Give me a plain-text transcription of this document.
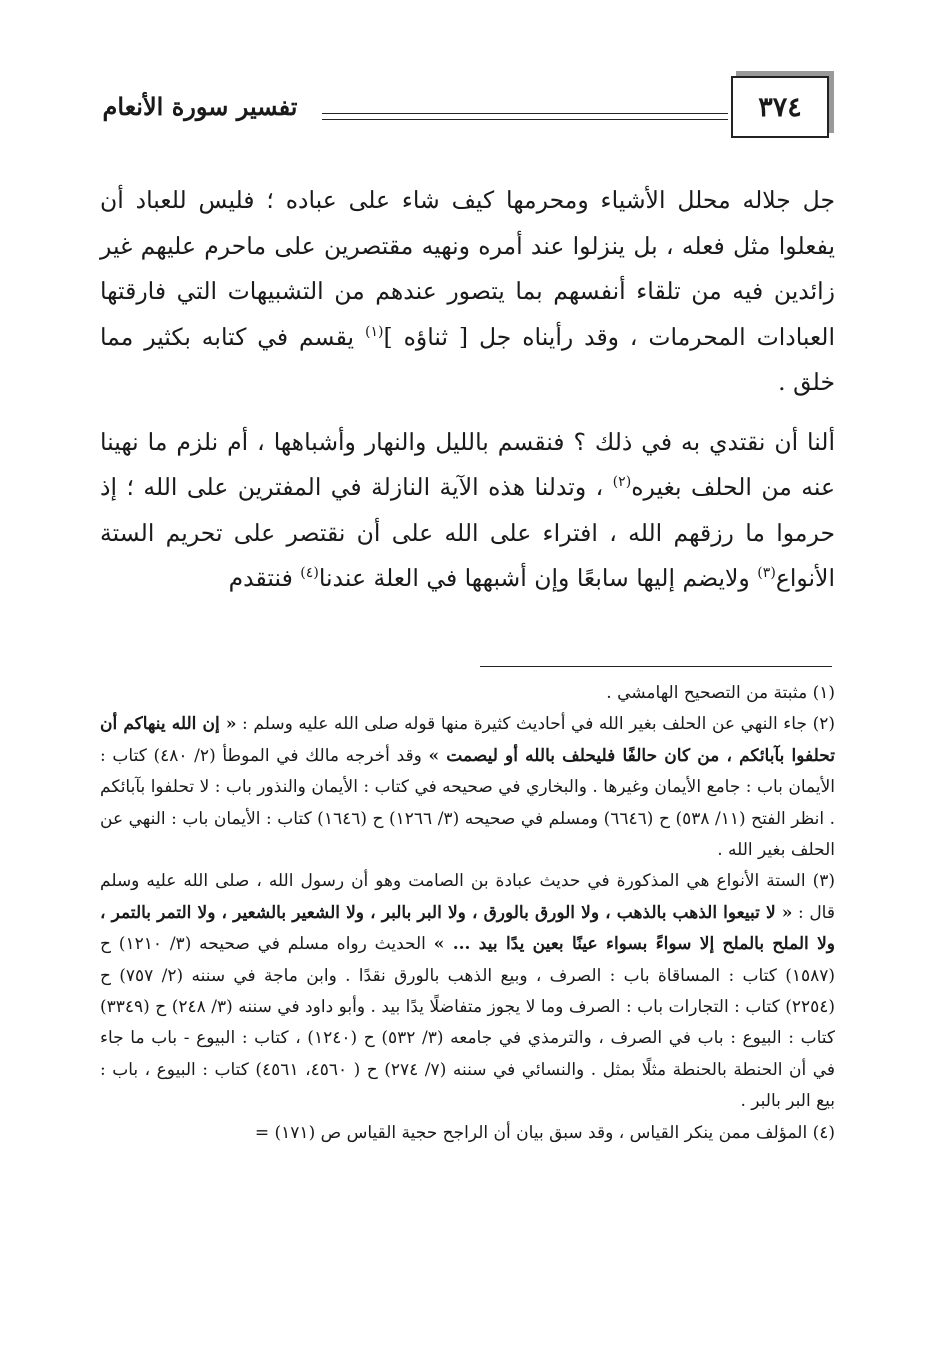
٣٧٤
تفسير سورة الأنعام

جل جلاله محلل الأشياء ومحرمها كيف شاء على عباده ؛ فليس للعباد أن يفعلوا مثل فعله ، بل ينزلوا عند أمره ونهيه مقتصرين على ماحرم عليهم غير زائدين فيه من تلقاء أنفسهم بما يتصور عندهم من التشبيهات التي فارقتها العبادات المحرمات ، وقد رأيناه جل [ ثناؤه ]$^{(١)}$ يقسم في كتابه بكثير مما خلق .

ألنا أن نقتدي به في ذلك ؟ فنقسم بالليل والنهار وأشباهها ، أم نلزم ما نهينا عنه من الحلف بغيره$^{(٢)}$ ، وتدلنا هذه الآية النازلة في المفترين على الله ؛ إذ حرموا ما رزقهم الله ، افتراء على الله على أن نقتصر على تحريم الستة الأنواع$^{(٣)}$ ولايضم إليها سابعًا وإن أشبهها في العلة عندنا$^{(٤)}$ فنتقدم

(١) مثبتة من التصحيح الهامشي .

(٢) جاء النهي عن الحلف بغير الله في أحاديث كثيرة منها قوله صلى الله عليه وسلم : « إن الله ينهاكم أن تحلفوا بآبائكم ، من كان حالفًا فليحلف بالله أو ليصمت » وقد أخرجه مالك في الموطأ (٢/ ٤٨٠) كتاب : الأيمان باب : جامع الأيمان وغيرها . والبخاري في صحيحه في كتاب : الأيمان والنذور باب : لا تحلفوا بآبائكم . انظر الفتح (١١/ ٥٣٨) ح (٦٦٤٦) ومسلم في صحيحه (٣/ ١٢٦٦) ح (١٦٤٦) كتاب : الأيمان باب : النهي عن الحلف بغير الله .

(٣) الستة الأنواع هي المذكورة في حديث عبادة بن الصامت وهو أن رسول الله ، صلى الله عليه وسلم قال : « لا تبيعوا الذهب بالذهب ، ولا الورق بالورق ، ولا البر بالبر ، ولا الشعير بالشعير ، ولا التمر بالتمر ، ولا الملح بالملح إلا سواءً بسواء عينًا بعين يدًا بيد ... » الحديث رواه مسلم في صحيحه (٣/ ١٢١٠) ح (١٥٨٧) كتاب : المساقاة باب : الصرف ، وبيع الذهب بالورق نقدًا . وابن ماجة في سننه (٢/ ٧٥٧) ح (٢٢٥٤) كتاب : التجارات باب : الصرف وما لا يجوز متفاضلًا يدًا بيد . وأبو داود في سننه (٣/ ٢٤٨) ح (٣٣٤٩) كتاب : البيوع : باب في الصرف ، والترمذي في جامعه (٣/ ٥٣٢) ح (١٢٤٠) ، كتاب : البيوع - باب ما جاء في أن الحنطة بالحنطة مثلًا بمثل . والنسائي في سننه (٧/ ٢٧٤) ح ( ٤٥٦٠، ٤٥٦١) كتاب : البيوع ، باب : بيع البر بالبر .

(٤) المؤلف ممن ينكر القياس ، وقد سبق بيان أن الراجح حجية القياس ص (١٧١) =
